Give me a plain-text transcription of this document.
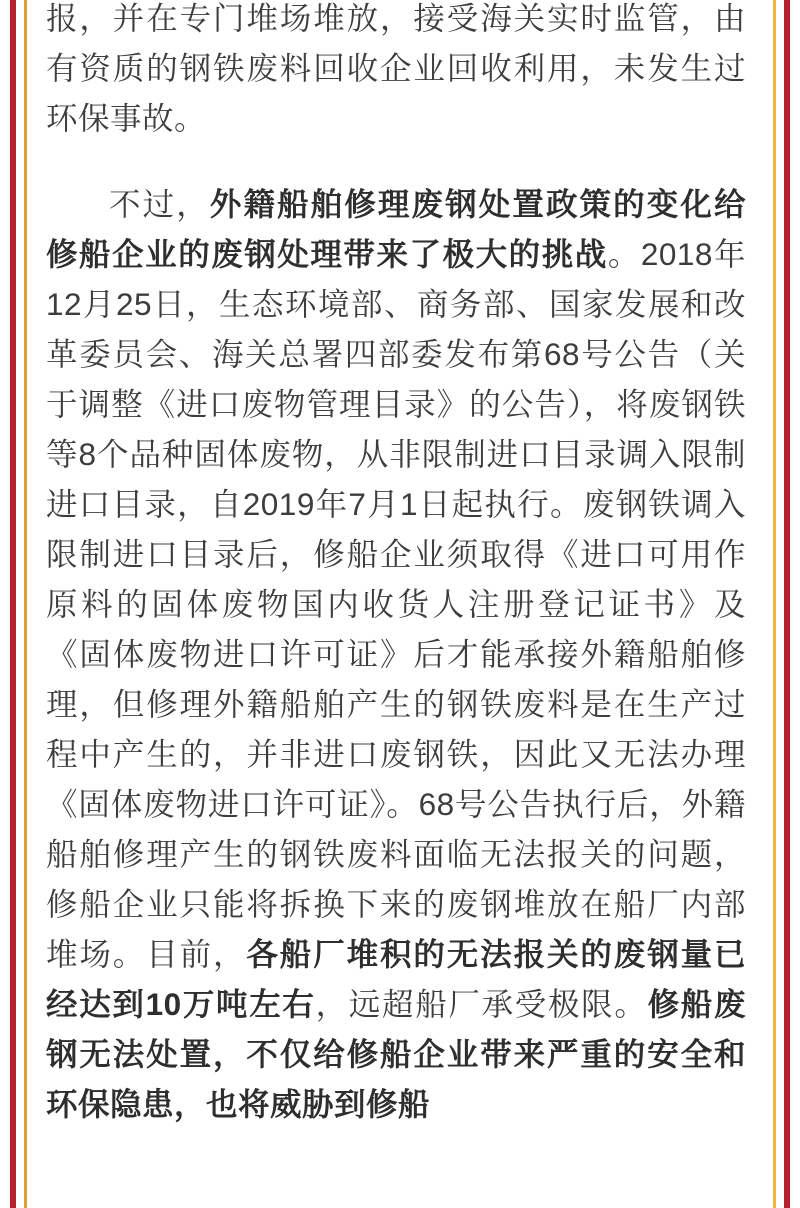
报，并在专门堆场堆放，接受海关实时监管，由有资质的钢铁废料回收企业回收利用，未发生过环保事故。

不过，外籍船舶修理废钢处置政策的变化给修船企业的废钢处理带来了极大的挑战。2018年12月25日，生态环境部、商务部、国家发展和改革委员会、海关总署四部委发布第68号公告（关于调整《进口废物管理目录》的公告），将废钢铁等8个品种固体废物，从非限制进口目录调入限制进口目录，自2019年7月1日起执行。废钢铁调入限制进口目录后，修船企业须取得《进口可用作原料的固体废物国内收货人注册登记证书》及《固体废物进口许可证》后才能承接外籍船舶修理，但修理外籍船舶产生的钢铁废料是在生产过程中产生的，并非进口废钢铁，因此又无法办理《固体废物进口许可证》。68号公告执行后，外籍船舶修理产生的钢铁废料面临无法报关的问题，修船企业只能将拆换下来的废钢堆放在船厂内部堆场。目前，各船厂堆积的无法报关的废钢量已经达到10万吨左右，远超船厂承受极限。修船废钢无法处置，不仅给修船企业带来严重的安全和环保隐患，也将威胁到修船
